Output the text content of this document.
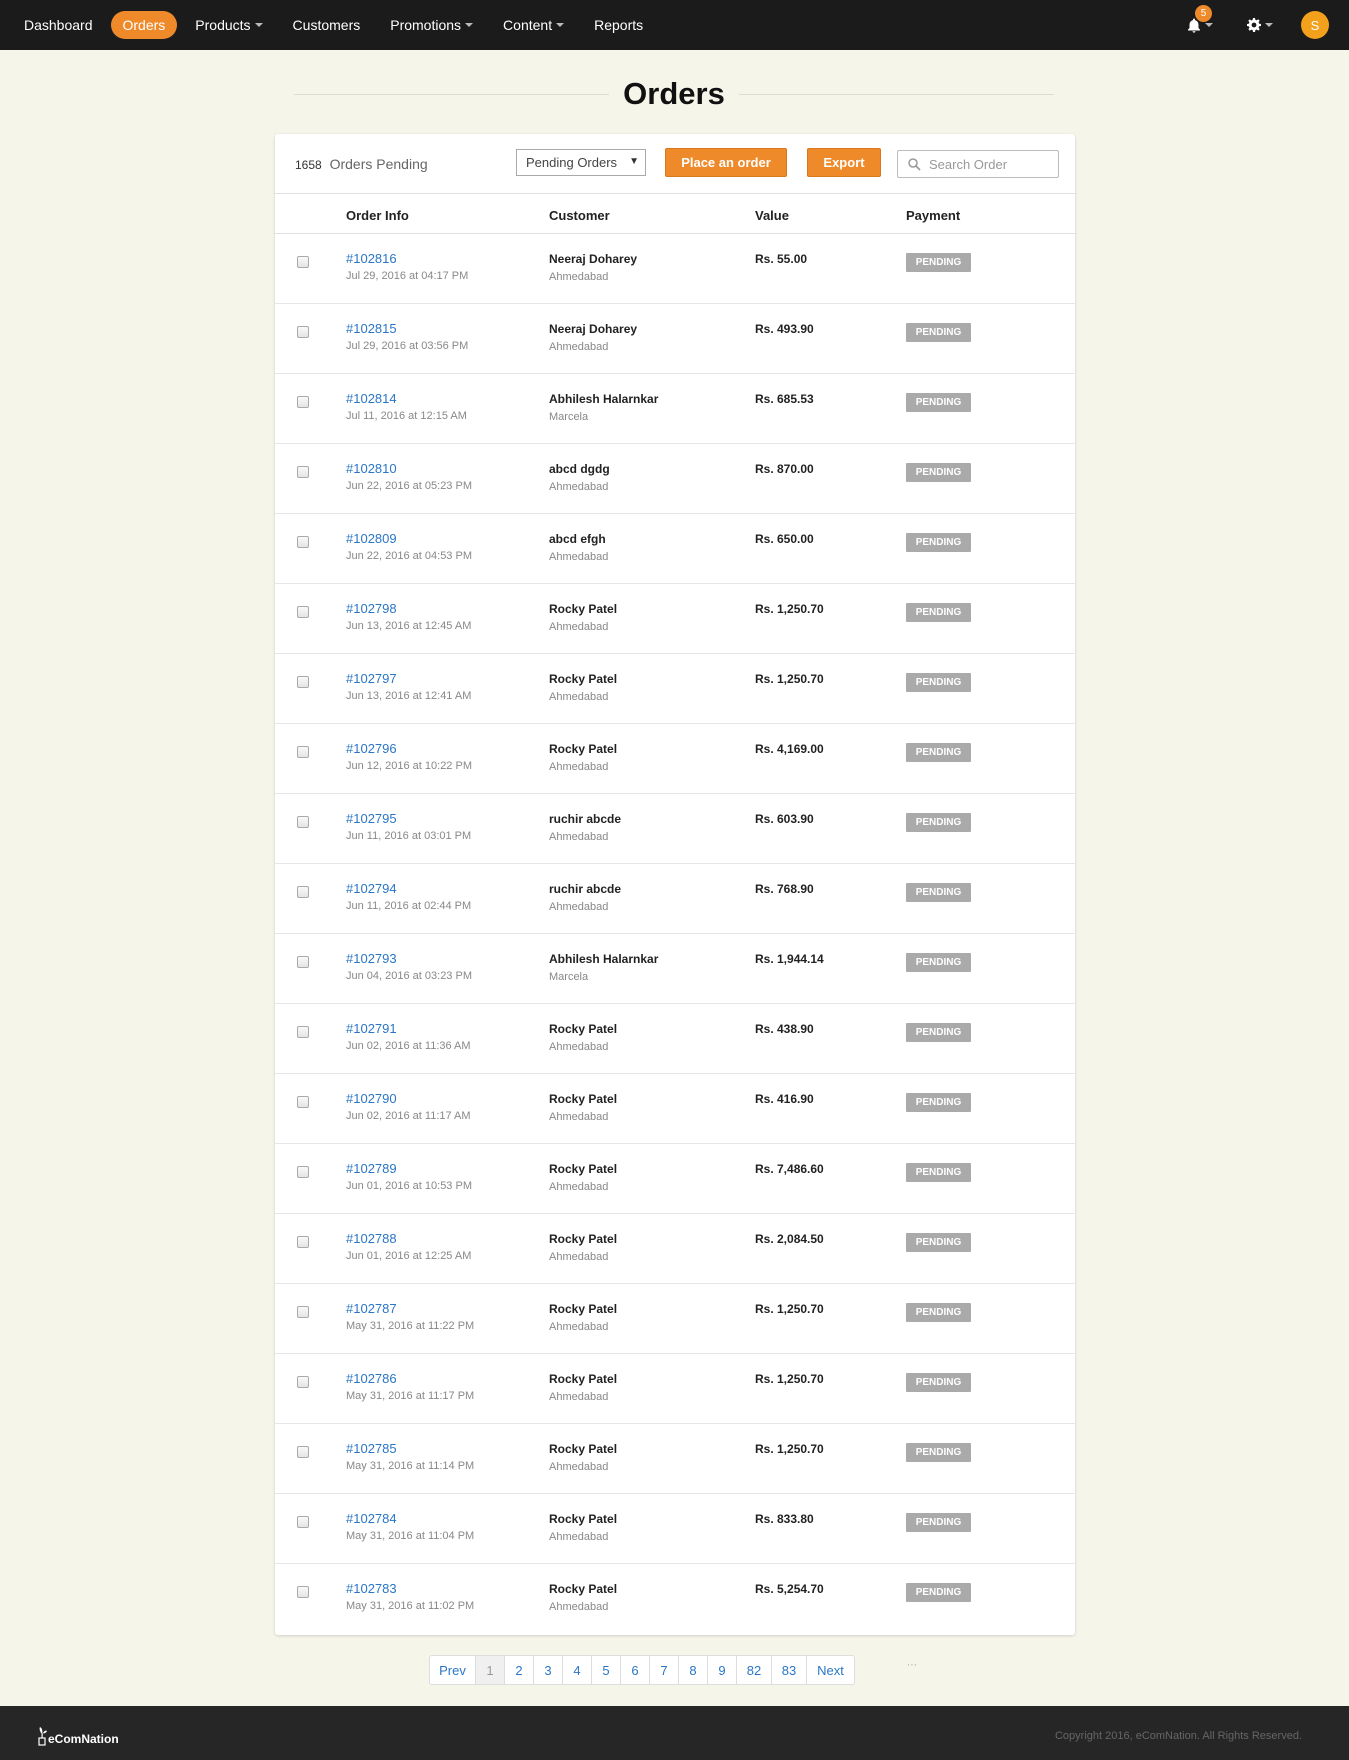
Dashboard Orders Products	Customers Promotions	Content	Reports
5
S
Orders
1658 Orders Pending	Pending Orders ▼	Place an order	Export
Search Order
Order Info	Customer	Value	Payment
#102816
Jul 29, 2016 at 04:17 PM
Neeraj Doharey
Ahmedabad
Rs. 55.00	PENDING
#102815
Jul 29, 2016 at 03:56 PM
Neeraj Doharey
Ahmedabad
Rs. 493.90	PENDING
#102814
Jul 11, 2016 at 12:15 AM
Abhilesh Halarnkar
Marcela
Rs. 685.53	PENDING
#102810
Jun 22, 2016 at 05:23 PM
abcd dgdg
Ahmedabad
Rs. 870.00	PENDING
#102809
Jun 22, 2016 at 04:53 PM
abcd efgh
Ahmedabad
Rs. 650.00	PENDING
#102798
Jun 13, 2016 at 12:45 AM
Rocky Patel
Ahmedabad
Rs. 1,250.70	PENDING
#102797
Jun 13, 2016 at 12:41 AM
Rocky Patel
Ahmedabad
Rs. 1,250.70	PENDING
#102796
Jun 12, 2016 at 10:22 PM
Rocky Patel
Ahmedabad
Rs. 4,169.00	PENDING
#102795
Jun 11, 2016 at 03:01 PM
ruchir abcde
Ahmedabad
Rs. 603.90	PENDING
#102794
Jun 11, 2016 at 02:44 PM
ruchir abcde
Ahmedabad
Rs. 768.90	PENDING
#102793
Jun 04, 2016 at 03:23 PM
Abhilesh Halarnkar
Marcela
Rs. 1,944.14	PENDING
#102791
Jun 02, 2016 at 11:36 AM
Rocky Patel
Ahmedabad
Rs. 438.90	PENDING
#102790
Jun 02, 2016 at 11:17 AM
Rocky Patel
Ahmedabad
Rs. 416.90	PENDING
#102789
Jun 01, 2016 at 10:53 PM
Rocky Patel
Ahmedabad
Rs. 7,486.60	PENDING
#102788
Jun 01, 2016 at 12:25 AM
Rocky Patel
Ahmedabad
Rs. 2,084.50	PENDING
#102787
May 31, 2016 at 11:22 PM
Rocky Patel
Ahmedabad
Rs. 1,250.70	PENDING
#102786
May 31, 2016 at 11:17 PM
Rocky Patel
Ahmedabad
Rs. 1,250.70	PENDING
#102785
May 31, 2016 at 11:14 PM
Rocky Patel
Ahmedabad
Rs. 1,250.70	PENDING
#102784
May 31, 2016 at 11:04 PM
Rocky Patel
Ahmedabad
Rs. 833.80	PENDING
#102783
May 31, 2016 at 11:02 PM
Rocky Patel
Ahmedabad
Rs. 5,254.70	PENDING
Prev	1	2	3	4	5	6	7	8	9	82	83	Next	⋯
eComNation	Copyright 2016, eComNation. All Rights Reserved.
